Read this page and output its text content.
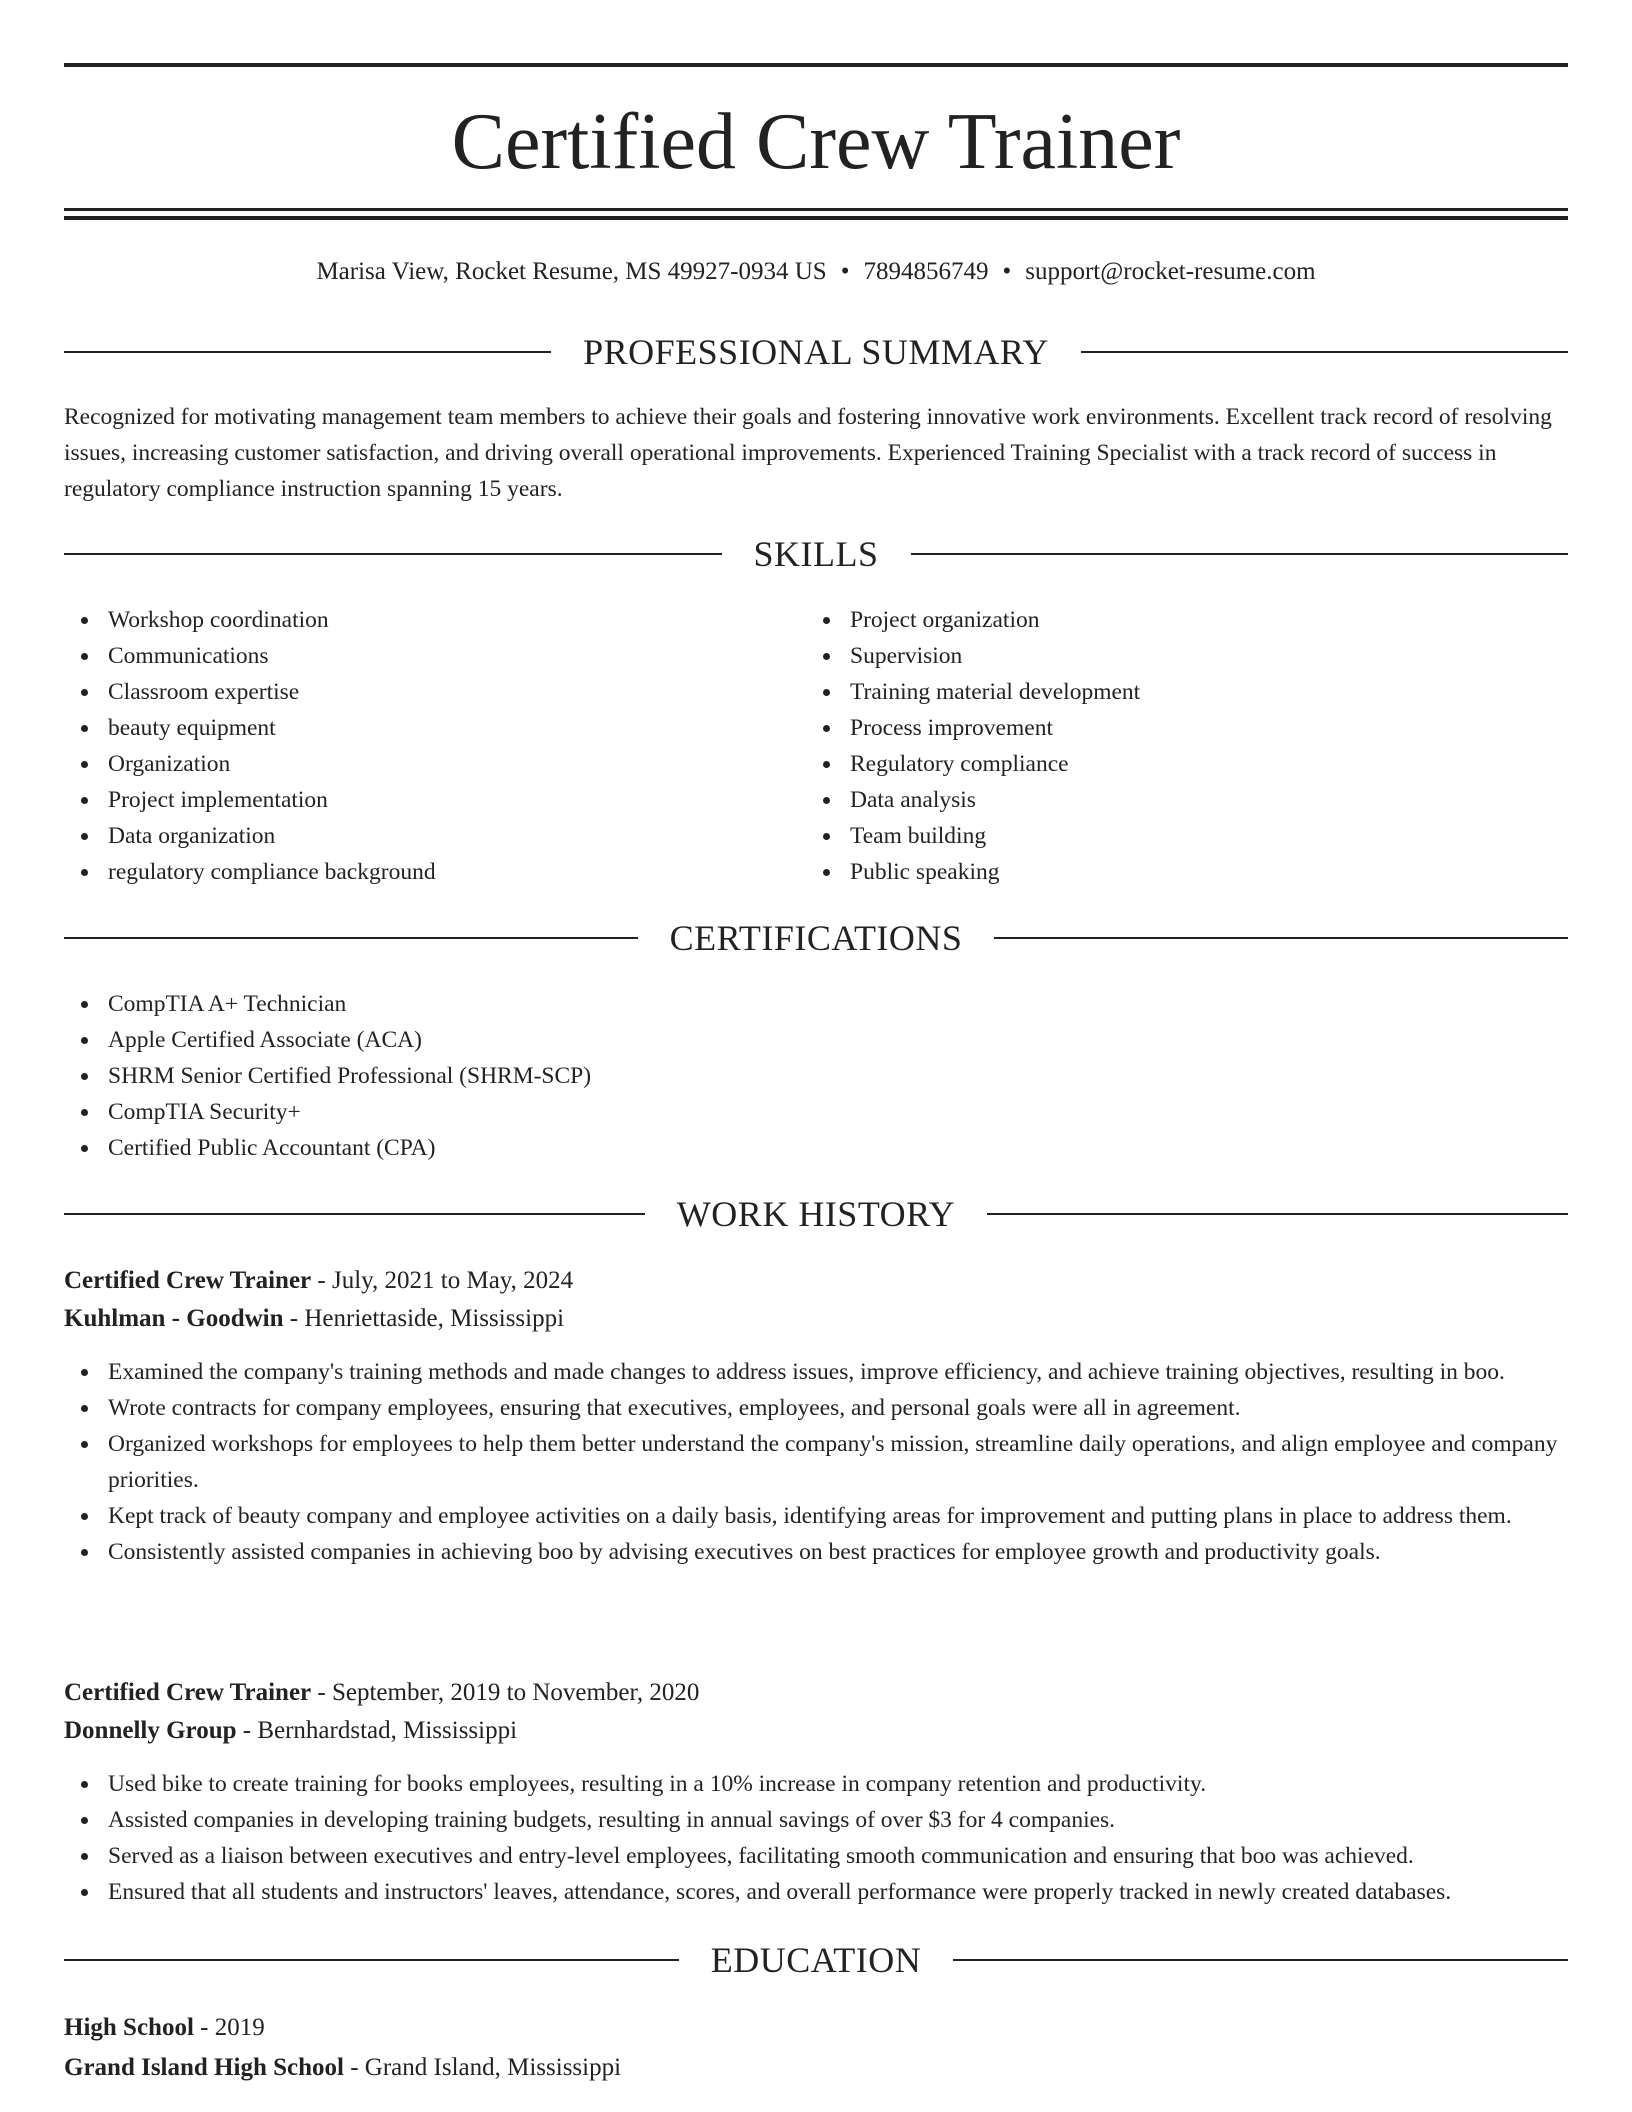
Certified Crew Trainer
Marisa View, Rocket Resume, MS 49927-0934 US • 7894856749 • support@rocket-resume.com
PROFESSIONAL SUMMARY
Recognized for motivating management team members to achieve their goals and fostering innovative work environments. Excellent track record of resolving issues, increasing customer satisfaction, and driving overall operational improvements. Experienced Training Specialist with a track record of success in regulatory compliance instruction spanning 15 years.
SKILLS
Workshop coordination
Communications
Classroom expertise
beauty equipment
Organization
Project implementation
Data organization
regulatory compliance background
Project organization
Supervision
Training material development
Process improvement
Regulatory compliance
Data analysis
Team building
Public speaking
CERTIFICATIONS
CompTIA A+ Technician
Apple Certified Associate (ACA)
SHRM Senior Certified Professional (SHRM-SCP)
CompTIA Security+
Certified Public Accountant (CPA)
WORK HISTORY
Certified Crew Trainer - July, 2021 to May, 2024
Kuhlman - Goodwin - Henriettaside, Mississippi
Examined the company's training methods and made changes to address issues, improve efficiency, and achieve training objectives, resulting in boo.
Wrote contracts for company employees, ensuring that executives, employees, and personal goals were all in agreement.
Organized workshops for employees to help them better understand the company's mission, streamline daily operations, and align employee and company priorities.
Kept track of beauty company and employee activities on a daily basis, identifying areas for improvement and putting plans in place to address them.
Consistently assisted companies in achieving boo by advising executives on best practices for employee growth and productivity goals.
Certified Crew Trainer - September, 2019 to November, 2020
Donnelly Group - Bernhardstad, Mississippi
Used bike to create training for books employees, resulting in a 10% increase in company retention and productivity.
Assisted companies in developing training budgets, resulting in annual savings of over $3 for 4 companies.
Served as a liaison between executives and entry-level employees, facilitating smooth communication and ensuring that boo was achieved.
Ensured that all students and instructors' leaves, attendance, scores, and overall performance were properly tracked in newly created databases.
EDUCATION
High School - 2019
Grand Island High School - Grand Island, Mississippi
